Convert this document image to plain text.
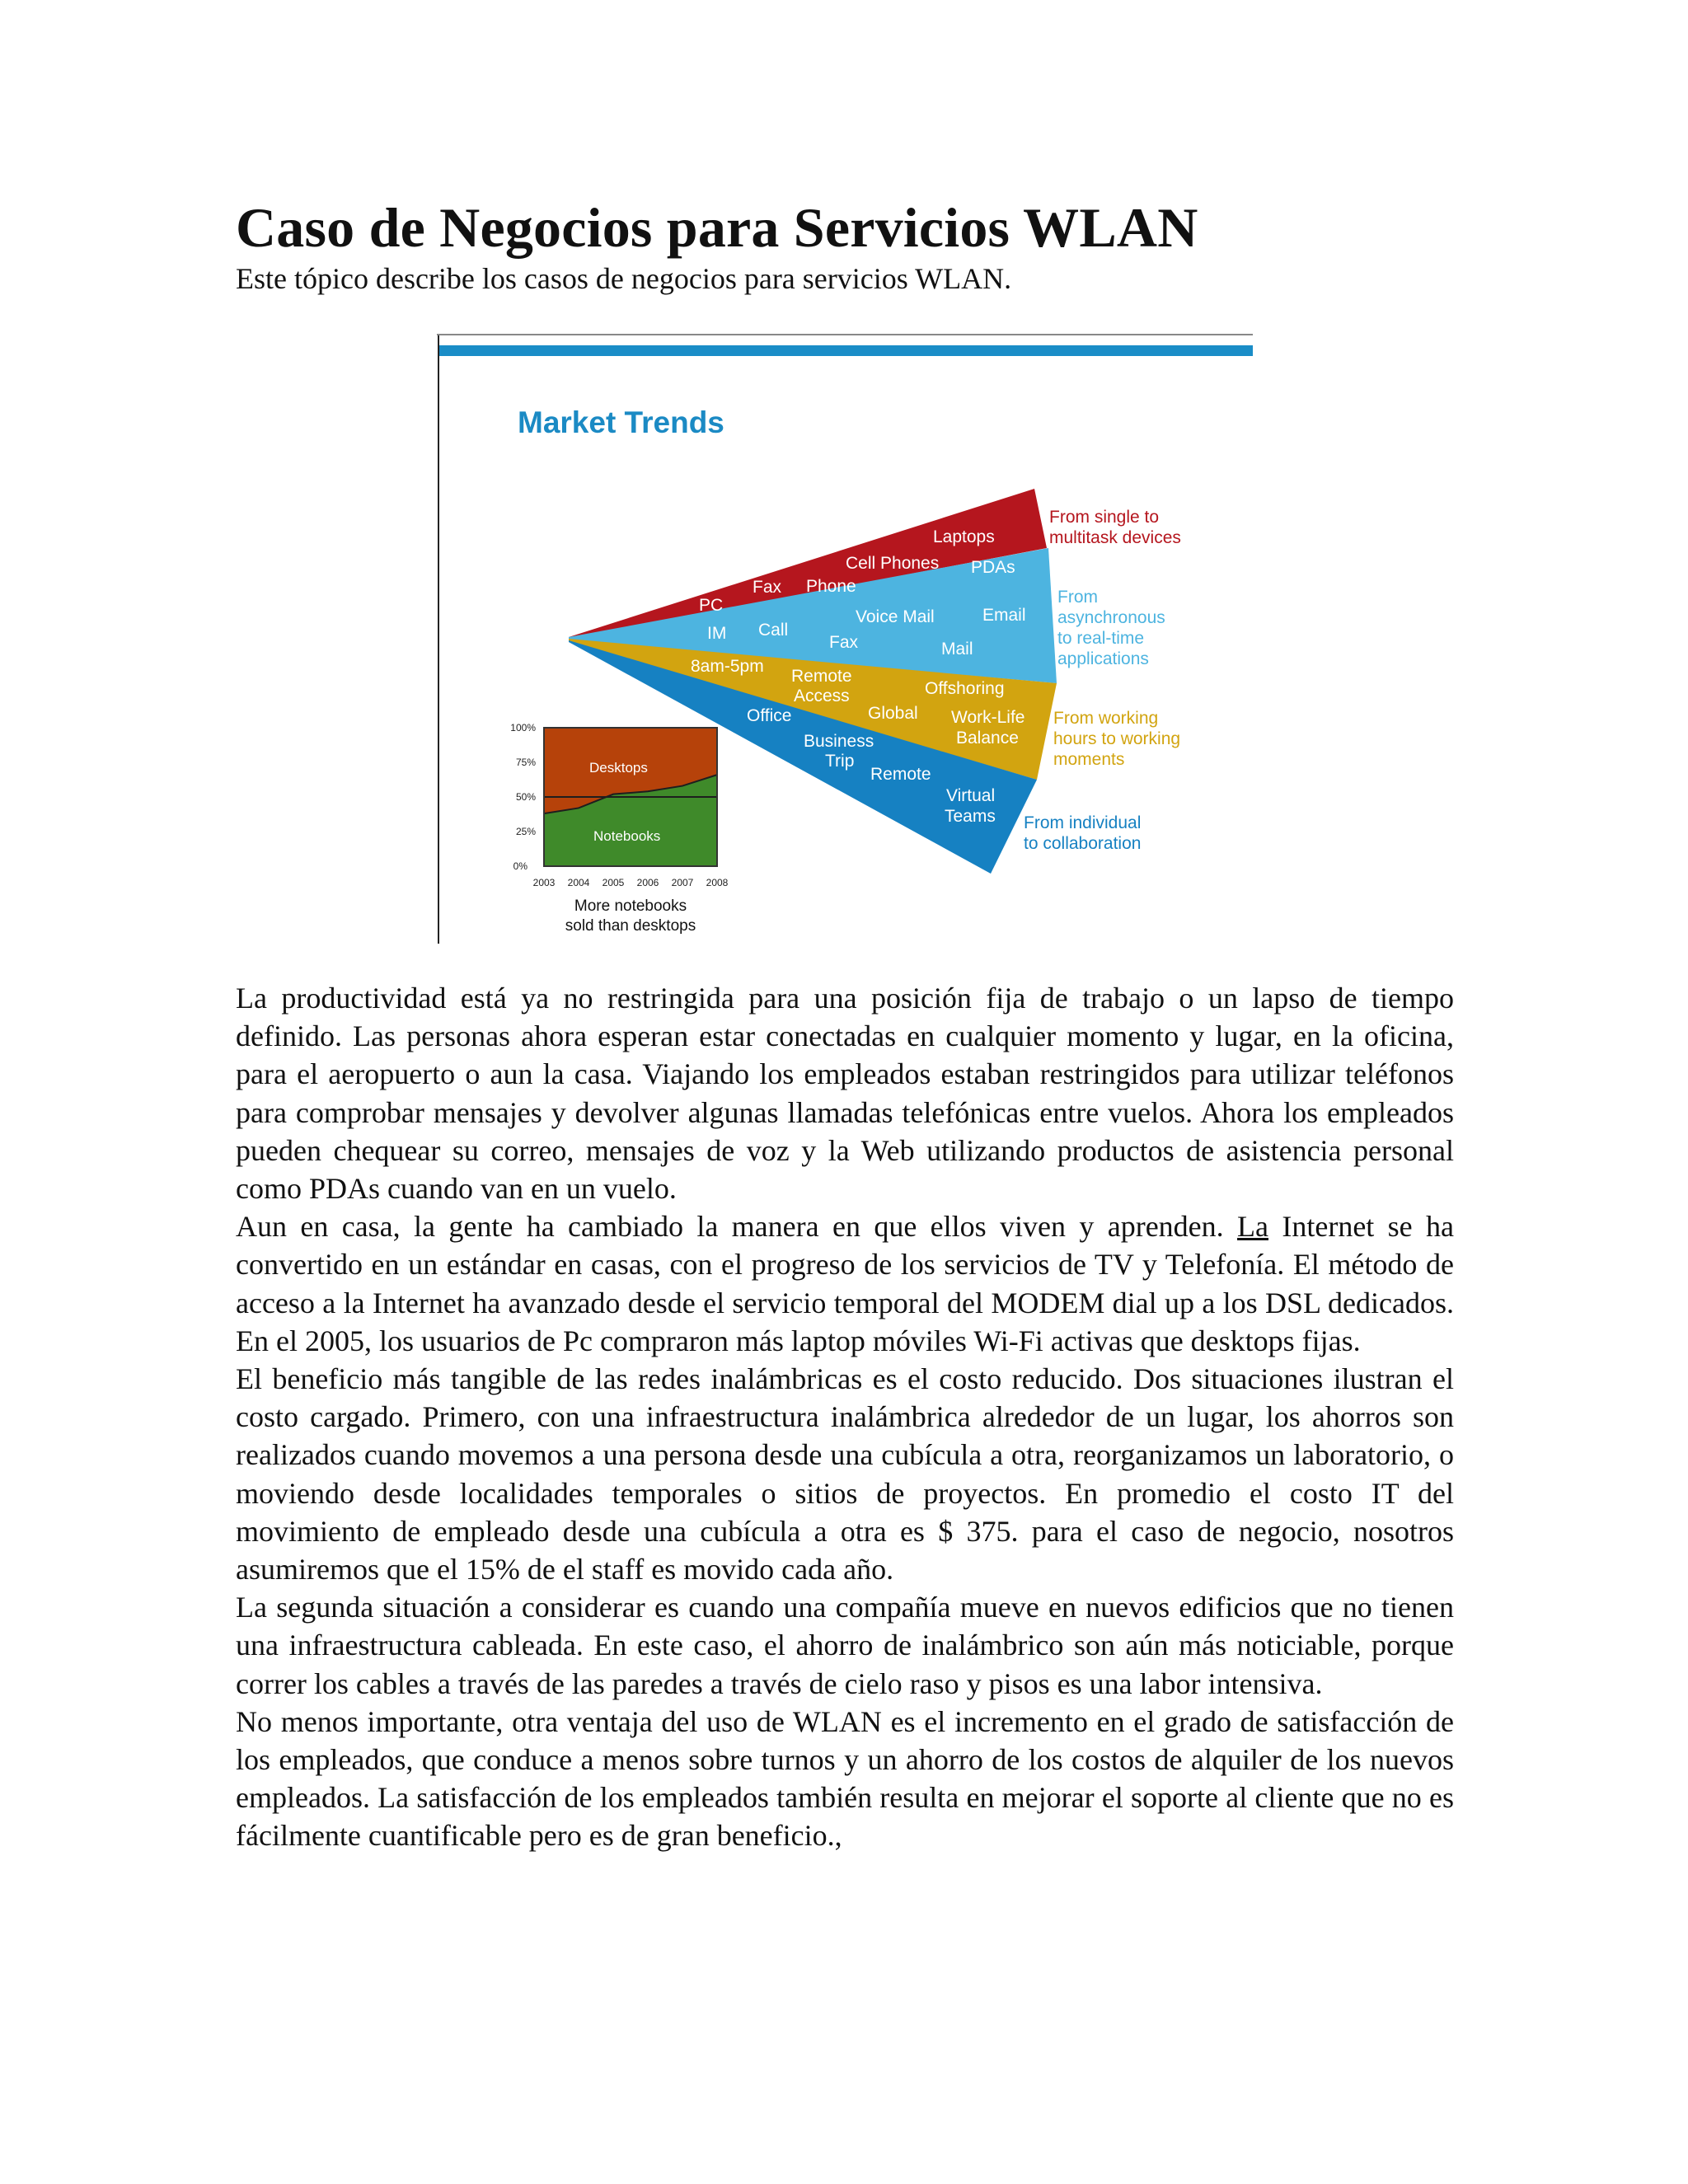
Caso de Negocios para Servicios WLAN

Este tópico describe los casos de negocios para servicios WLAN.

Market Trends
Laptops
Cell Phones PDAs
Fax Phone
PC
Voice Mail	Email
IM Call
Fax	Mail
8am-5pm
Remote
Access	Offshoring
Global Work-Life
Balance
Office
Business
Trip
Remote
Virtual
Teams
From single to
multitask devices
From
asynchronous
to real-time
applications
From working
hours to working
moments
From individual
to collaboration
Desktops
Notebooks
100%
75%
50%
25%
0%
2003 2004 2005 2006 2007 2008
More notebooks
sold than desktops

La productividad está ya no restringida para una posición fija de trabajo o un lapso de tiempo definido. Las personas ahora esperan estar conectadas en cualquier momento y lugar, en la oficina, para el aeropuerto o aun la casa. Viajando los empleados estaban restringidos para utilizar teléfonos para comprobar mensajes y devolver algunas llamadas telefónicas entre vuelos. Ahora los empleados pueden chequear su correo, mensajes de voz y la Web utilizando productos de asistencia personal como PDAs cuando van en un vuelo.

Aun en casa, la gente ha cambiado la manera en que ellos viven y aprenden. La Internet se ha convertido en un estándar en casas, con el progreso de los servicios de TV y Telefonía. El método de acceso a la Internet ha avanzado desde el servicio temporal del MODEM dial up a los DSL dedicados. En el 2005, los usuarios de Pc compraron más laptop móviles Wi-Fi activas que desktops fijas.

El beneficio más tangible de las redes inalámbricas es el costo reducido. Dos situaciones ilustran el costo cargado. Primero, con una infraestructura inalámbrica alrededor de un lugar, los ahorros son realizados cuando movemos a una persona desde una cubícula a otra, reorganizamos un laboratorio, o moviendo desde localidades temporales o sitios de proyectos. En promedio el costo IT del movimiento de empleado desde una cubícula a otra es $ 375. para el caso de negocio, nosotros asumiremos que el 15% de el staff es movido cada año.

La segunda situación a considerar es cuando una compañía mueve en nuevos edificios que no tienen una infraestructura cableada. En este caso, el ahorro de inalámbrico son aún más noticiable, porque correr los cables a través de las paredes a través de cielo raso y pisos es una labor intensiva.

No menos importante, otra ventaja del uso de WLAN es el incremento en el grado de satisfacción de los empleados, que conduce a menos sobre turnos y un ahorro de los costos de alquiler de los nuevos empleados. La satisfacción de los empleados también resulta en mejorar el soporte al cliente que no es fácilmente cuantificable pero es de gran beneficio.,
